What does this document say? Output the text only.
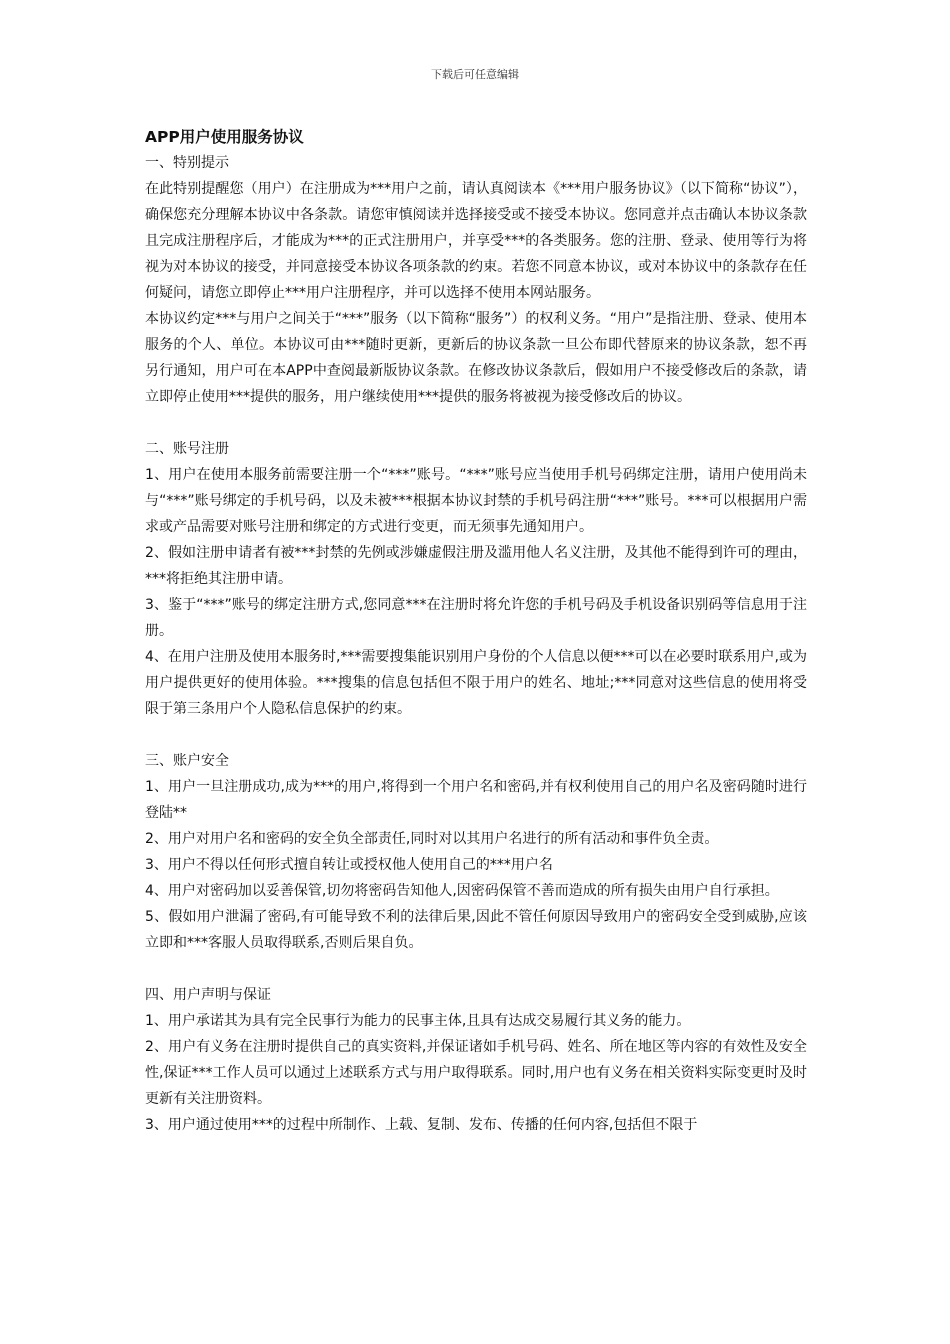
下载后可任意编辑
APP用户使用服务协议

一、特别提示

在此特别提醒您（用户）在注册成为***用户之前，请认真阅读本《***用户服务协议》（以下简称“协议”），确保您充分理解本协议中各条款。请您审慎阅读并选择接受或不接受本协议。您同意并点击确认本协议条款且完成注册程序后，才能成为***的正式注册用户，并享受***的各类服务。您的注册、登录、使用等行为将视为对本协议的接受，并同意接受本协议各项条款的约束。若您不同意本协议，或对本协议中的条款存在任何疑问，请您立即停止***用户注册程序，并可以选择不使用本网站服务。

本协议约定***与用户之间关于“***”服务（以下简称“服务”）的权利义务。“用户”是指注册、登录、使用本服务的个人、单位。本协议可由***随时更新，更新后的协议条款一旦公布即代替原来的协议条款，恕不再另行通知，用户可在本APP中查阅最新版协议条款。在修改协议条款后，假如用户不接受修改后的条款，请立即停止使用***提供的服务，用户继续使用***提供的服务将被视为接受修改后的协议。

二、账号注册

1、用户在使用本服务前需要注册一个“***”账号。“***”账号应当使用手机号码绑定注册，请用户使用尚未与“***”账号绑定的手机号码，以及未被***根据本协议封禁的手机号码注册“***”账号。***可以根据用户需求或产品需要对账号注册和绑定的方式进行变更，而无须事先通知用户。

2、假如注册申请者有被***封禁的先例或涉嫌虚假注册及滥用他人名义注册，及其他不能得到许可的理由，***将拒绝其注册申请。

3、鉴于“***”账号的绑定注册方式,您同意***在注册时将允许您的手机号码及手机设备识别码等信息用于注册。

4、在用户注册及使用本服务时,***需要搜集能识别用户身份的个人信息以便***可以在必要时联系用户,或为用户提供更好的使用体验。***搜集的信息包括但不限于用户的姓名、地址;***同意对这些信息的使用将受限于第三条用户个人隐私信息保护的约束。

三、账户安全

1、用户一旦注册成功,成为***的用户,将得到一个用户名和密码,并有权利使用自己的用户名及密码随时进行登陆**

2、用户对用户名和密码的安全负全部责任,同时对以其用户名进行的所有活动和事件负全责。

3、用户不得以任何形式擅自转让或授权他人使用自己的***用户名

4、用户对密码加以妥善保管,切勿将密码告知他人,因密码保管不善而造成的所有损失由用户自行承担。

5、假如用户泄漏了密码,有可能导致不利的法律后果,因此不管任何原因导致用户的密码安全受到威胁,应该立即和***客服人员取得联系,否则后果自负。

四、用户声明与保证

1、用户承诺其为具有完全民事行为能力的民事主体,且具有达成交易履行其义务的能力。

2、用户有义务在注册时提供自己的真实资料,并保证诸如手机号码、姓名、所在地区等内容的有效性及安全性,保证***工作人员可以通过上述联系方式与用户取得联系。同时,用户也有义务在相关资料实际变更时及时更新有关注册资料。

3、用户通过使用***的过程中所制作、上载、复制、发布、传播的任何内容,包括但不限于
